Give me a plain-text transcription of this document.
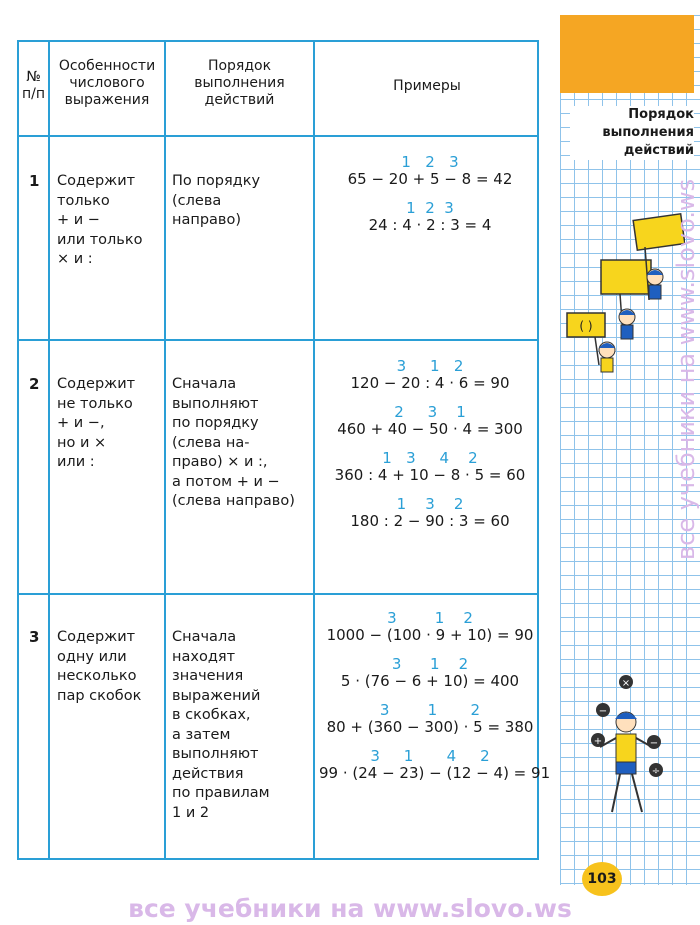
Порядок
выполнения
действий
( )
×
−
+	−
÷
№
п/п
Особенности
числового
выражения
Порядок
выполнения
действий
Примеры
1 Содержит
только
+ и −
или только
× и :
По порядку
(слева
направо)
1   2   3
65 − 20 + 5 − 8 = 42
1  2  3
24 : 4 · 2 : 3 = 4
2 Содержит
не только
+ и −,
но и ×
или :
Сначала
выполняют
по порядку
(слева на-
право) × и :,
а потом + и −
(слева направо)
3     1   2
120 − 20 : 4 · 6 = 90
2     3    1
460 + 40 − 50 · 4 = 300
1   3     4    2
360 : 4 + 10 − 8 · 5 = 60
1    3    2
180 : 2 − 90 : 3 = 60
3 Содержит
одну или
несколько
пар скобок
Сначала
находят
значения
выражений
в скобках,
а затем
выполняют
действия
по правилам
1 и 2
3        1    2
1000 − (100 · 9 + 10) = 90
3      1    2
5 · (76 − 6 + 10) = 400
3        1       2
80 + (360 − 300) · 5 = 380
3     1       4     2
99 · (24 − 23) − (12 − 4) = 91
103
все учебники на www.slovo.ws
все учебники на www.slovo.ws
